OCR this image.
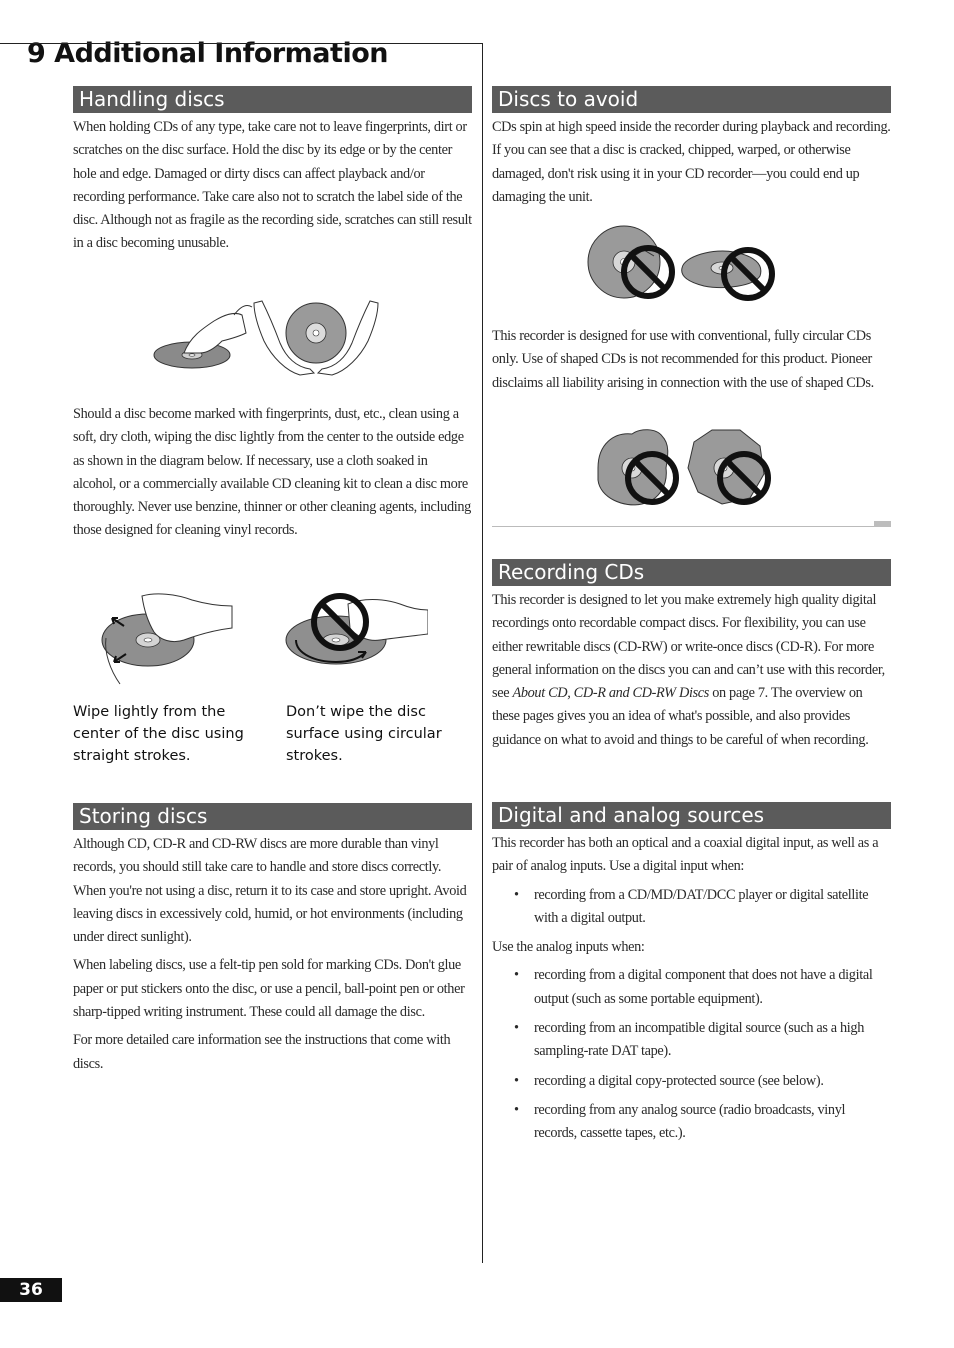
9 Additional Information
Handling discs

When holding CDs of any type, take care not to leave fingerprints, dirt or scratches on the disc surface. Hold the disc by its edge or by the center hole and edge. Damaged or dirty discs can affect playback and/or recording performance. Take care also not to scratch the label side of the disc. Although not as fragile as the recording side, scratches can still result in a disc becoming unusable.

Should a disc become marked with fingerprints, dust, etc., clean using a soft, dry cloth, wiping the disc lightly from the center to the outside edge as shown in the diagram below. If necessary, use a cloth soaked in alcohol, or a commercially available CD cleaning kit to clean a disc more thoroughly. Never use benzine, thinner or other cleaning agents, including those designed for cleaning vinyl records.

Wipe lightly from the center of the disc using straight strokes.

Don’t wipe the disc surface using circular strokes.

Storing discs

Although CD, CD-R and CD-RW discs are more durable than vinyl records, you should still take care to handle and store discs correctly. When you're not using a disc, return it to its case and store upright. Avoid leaving discs in excessively cold, humid, or hot environments (including under direct sunlight).

When labeling discs, use a felt-tip pen sold for marking CDs. Don't glue paper or put stickers onto the disc, or use a pencil, ball-point pen or other sharp-tipped writing instrument. These could all damage the disc.

For more detailed care information see the instructions that come with discs.

Discs to avoid

CDs spin at high speed inside the recorder during playback and recording. If you can see that a disc is cracked, chipped, warped, or otherwise damaged, don't risk using it in your CD recorder—you could end up damaging the unit.

This recorder is designed for use with conventional, fully circular CDs only. Use of shaped CDs is not recommended for this product. Pioneer disclaims all liability arising in connection with the use of shaped CDs.

Recording CDs

This recorder is designed to let you make extremely high quality digital recordings onto recordable compact discs. For flexibility, you can use either rewritable discs (CD-RW) or write-once discs (CD-R). For more general information on the discs you can and can’t use with this recorder, see About CD, CD-R and CD-RW Discs on page 7. The overview on these pages gives you an idea of what's possible, and also provides guidance on what to avoid and things to be careful of when recording.

Digital and analog sources

This recorder has both an optical and a coaxial digital input, as well as a pair of analog inputs. Use a digital input when:

• recording from a CD/MD/DAT/DCC player or digital satellite with a digital output.

Use the analog inputs when:

• recording from a digital component that does not have a digital output (such as some portable equipment).
• recording from an incompatible digital source (such as a high sampling-rate DAT tape).
• recording a digital copy-protected source (see below).
• recording from any analog source (radio broadcasts, vinyl records, cassette tapes, etc.).
36
